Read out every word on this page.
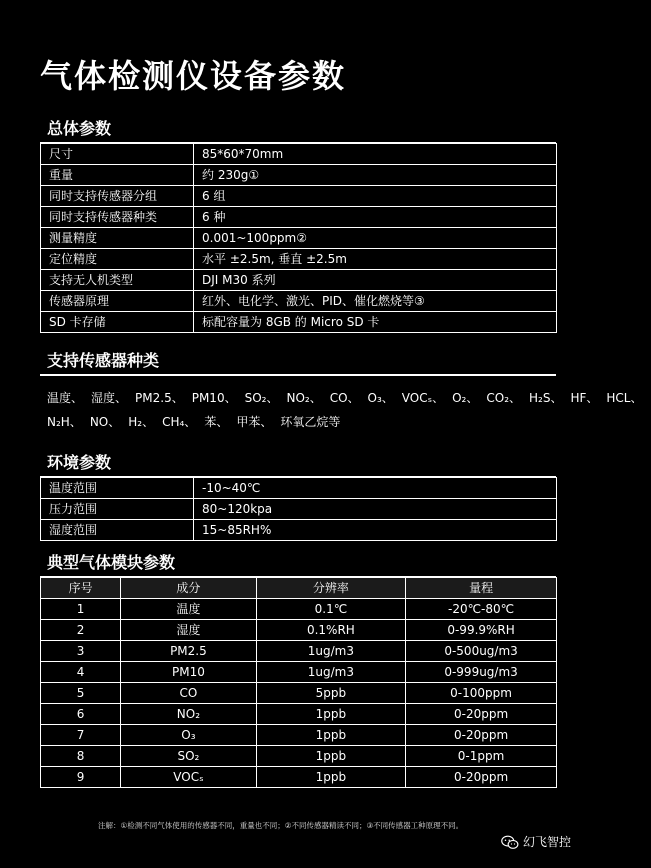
气体检测仪设备参数
总体参数
尺寸	85*60*70mm
重量	约 230g①
同时支持传感器分组	6 组
同时支持传感器种类	6 种
测量精度	0.001~100ppm②
定位精度	水平 ±2.5m, 垂直 ±2.5m
支持无人机类型	DJI M30 系列
传感器原理	红外、电化学、激光、PID、催化燃烧等③
SD 卡存储	标配容量为 8GB 的 Micro SD 卡
支持传感器种类
温度、 湿度、 PM2.5、 PM10、 SO₂、 NO₂、 CO、 O₃、 VOCₛ、 O₂、 CO₂、 H₂S、 HF、 HCL、
N₂H、 NO、 H₂、 CH₄、 苯、 甲苯、 环氧乙烷等
环境参数
温度范围	-10~40℃
压力范围	80~120kpa
湿度范围	15~85RH%
典型气体模块参数
序号	成分	分辨率	量程
1	温度	0.1℃	-20℃-80℃
2	湿度	0.1%RH	0-99.9%RH
3	PM2.5	1ug/m3	0-500ug/m3
4	PM10	1ug/m3	0-999ug/m3
5	CO	5ppb	0-100ppm
6	NO₂	1ppb	0-20ppm
7	O₃	1ppb	0-20ppm
8	SO₂	1ppb	0-1ppm
9	VOCₛ	1ppb	0-20ppm

注解：①检测不同气体使用的传感器不同，重量也不同；②不同传感器精读不同；③不同传感器工种原理不同。

幻飞智控
